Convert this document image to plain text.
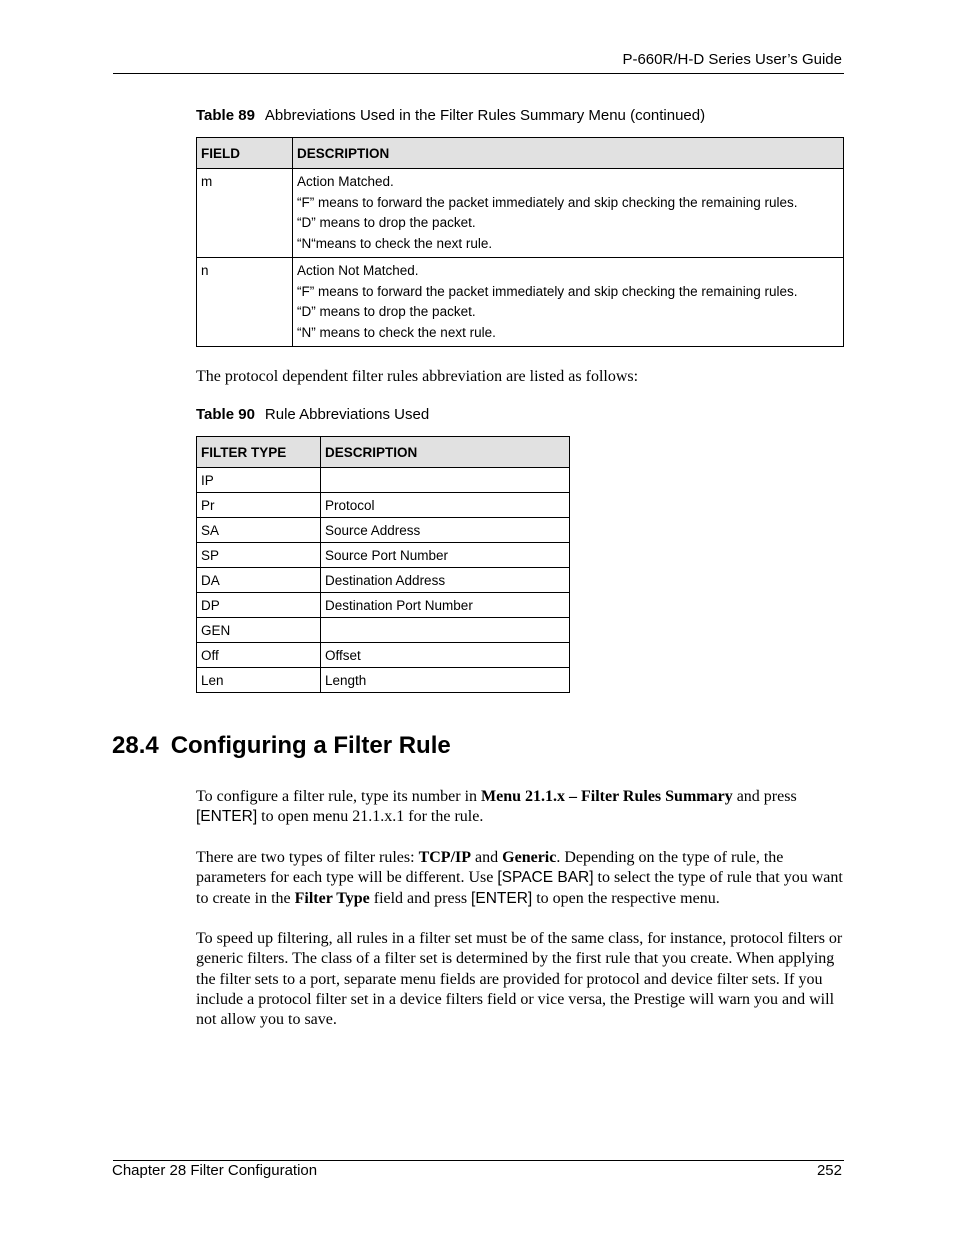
P-660R/H-D Series User’s Guide
Table 89 Abbreviations Used in the Filter Rules Summary Menu (continued)
FIELD	DESCRIPTION
m	Action Matched.
“F” means to forward the packet immediately and skip checking the remaining rules.
“D” means to drop the packet.
“N“means to check the next rule.

n	Action Not Matched.
“F” means to forward the packet immediately and skip checking the remaining rules.
“D” means to drop the packet.
“N” means to check the next rule.
The protocol dependent filter rules abbreviation are listed as follows:
Table 90 Rule Abbreviations Used
FILTER TYPE	DESCRIPTION
IP	
Pr	Protocol
SA	Source Address
SP	Source Port Number
DA	Destination Address
DP	Destination Port Number
GEN	
Off	Offset
Len	Length
28.4 Configuring a Filter Rule
To configure a filter rule, type its number in Menu 21.1.x – Filter Rules Summary and press [ENTER] to open menu 21.1.x.1 for the rule.
There are two types of filter rules: TCP/IP and Generic. Depending on the type of rule, the parameters for each type will be different. Use [SPACE BAR] to select the type of rule that you want to create in the Filter Type field and press [ENTER] to open the respective menu.
To speed up filtering, all rules in a filter set must be of the same class, for instance, protocol filters or generic filters. The class of a filter set is determined by the first rule that you create. When applying the filter sets to a port, separate menu fields are provided for protocol and device filter sets. If you include a protocol filter set in a device filters field or vice versa, the Prestige will warn you and will not allow you to save.
Chapter 28 Filter Configuration	252
